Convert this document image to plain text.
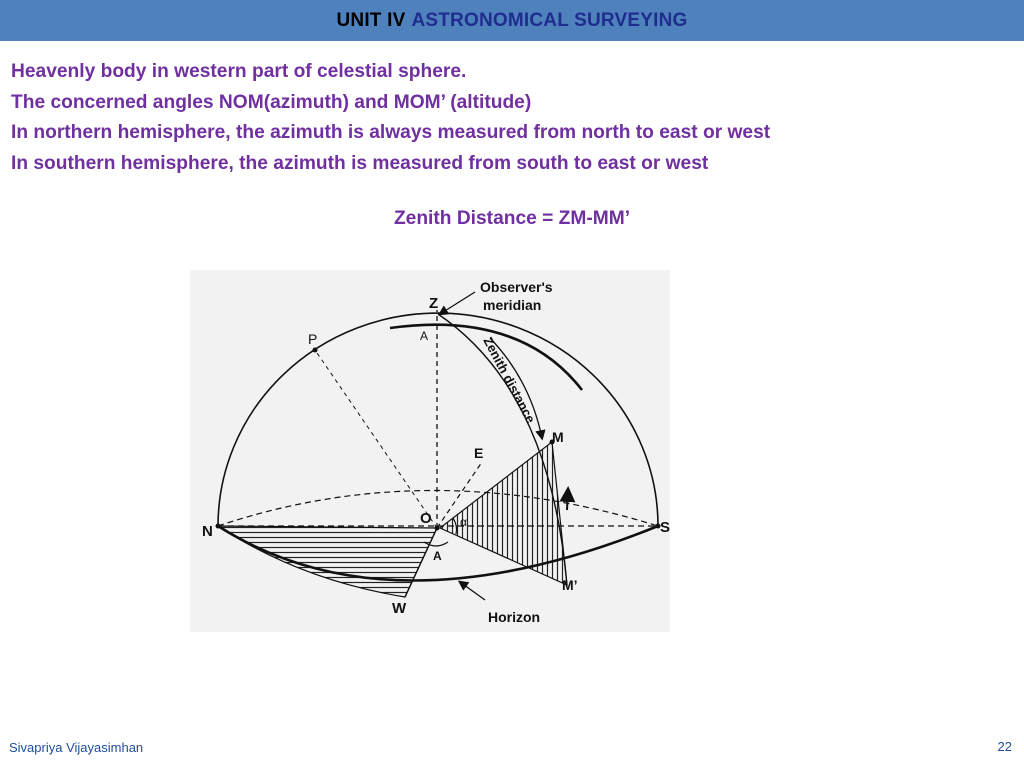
UNIT IV ASTRONOMICAL SURVEYING
Heavenly body in western part of celestial sphere.
The concerned angles NOM(azimuth) and MOM’ (altitude)
In northern hemisphere, the azimuth is always measured from north to east or west
In southern hemisphere, the azimuth is measured from south to east or west
Zenith Distance = ZM-MM’
Z
P
N	S
W
E
O
M
M’
Observer's
meridian
Zenith distance
Horizon
A
A
α
Sivapriya Vijayasimhan	22
